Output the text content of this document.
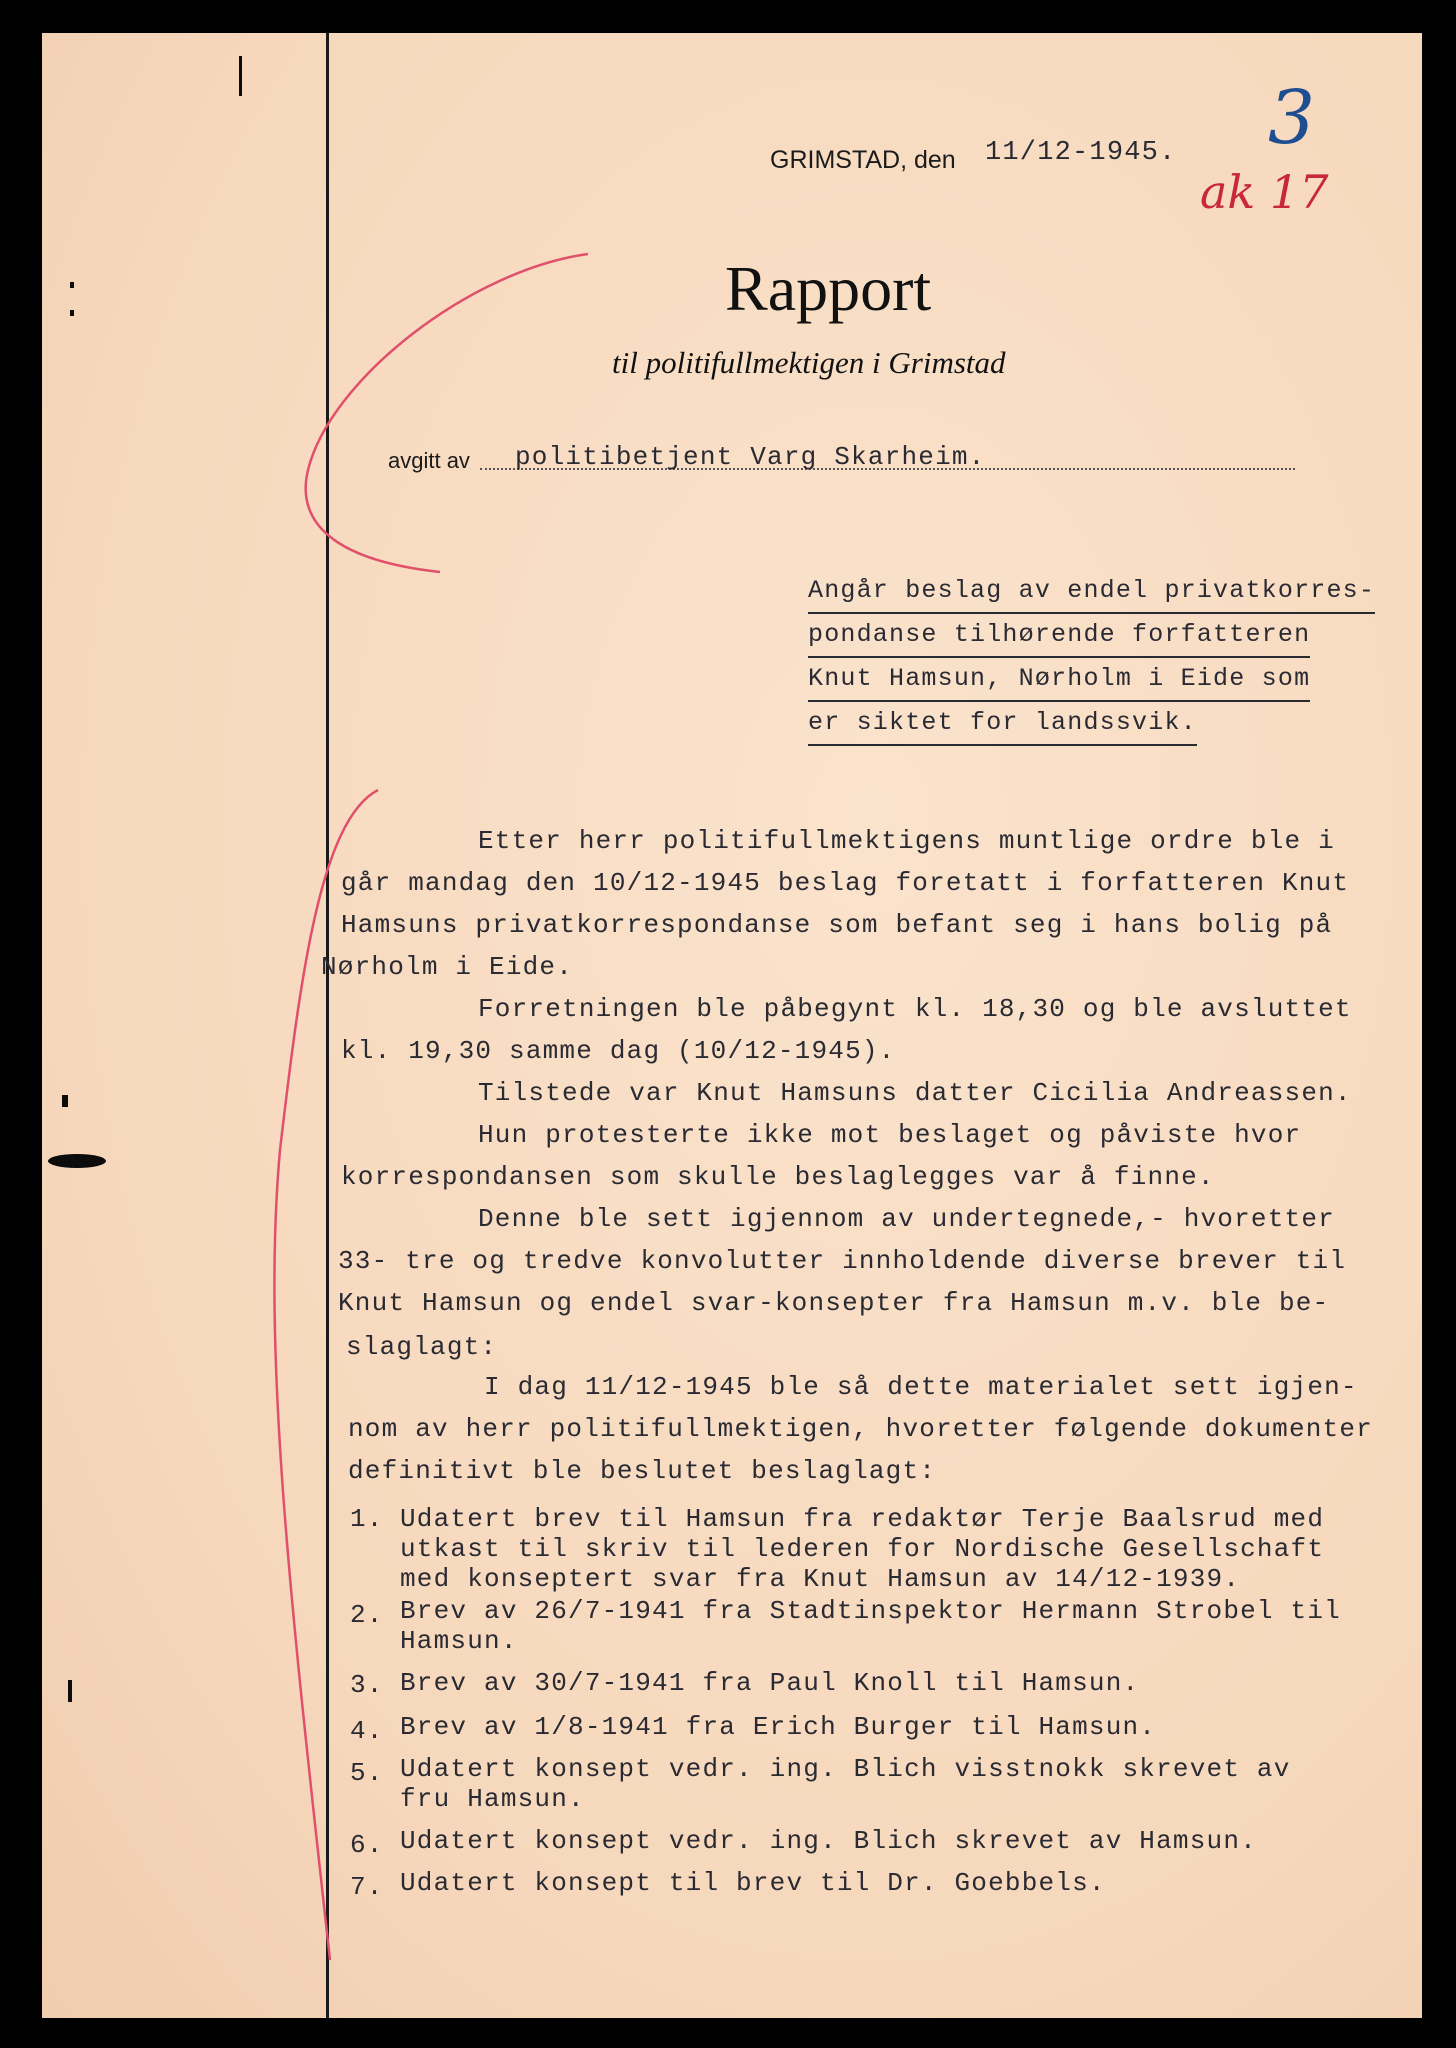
3
ak 17
GRIMSTAD, den 11/12-1945.
Rapport
til politifullmektigen i Grimstad
avgitt av politibetjent Varg Skarheim.
Angår beslag av endel privatkorres-
pondanse tilhørende forfatteren
Knut Hamsun, Nørholm i Eide som
er siktet for landssvik.
Etter herr politifullmektigens muntlige ordre ble i
går mandag den 10/12-1945 beslag foretatt i forfatteren Knut
Hamsuns privatkorrespondanse som befant seg i hans bolig på
Nørholm i Eide.
Forretningen ble påbegynt kl. 18,30 og ble avsluttet
kl. 19,30 samme dag (10/12-1945).
Tilstede var Knut Hamsuns datter Cicilia Andreassen.
Hun protesterte ikke mot beslaget og påviste hvor
korrespondansen som skulle beslaglegges var å finne.
Denne ble sett igjennom av undertegnede,- hvoretter
33- tre og tredve konvolutter innholdende diverse brever til
Knut Hamsun og endel svar-konsepter fra Hamsun m.v. ble be-
slaglagt:
I dag 11/12-1945 ble så dette materialet sett igjen-
nom av herr politifullmektigen, hvoretter følgende dokumenter
definitivt ble beslutet beslaglagt:
1. Udatert brev til Hamsun fra redaktør Terje Baalsrud med
utkast til skriv til lederen for Nordische Gesellschaft
med konseptert svar fra Knut Hamsun av 14/12-1939.
2. Brev av 26/7-1941 fra Stadtinspektor Hermann Strobel til
Hamsun.
3. Brev av 30/7-1941 fra Paul Knoll til Hamsun.
4. Brev av 1/8-1941 fra Erich Burger til Hamsun.
5. Udatert konsept vedr. ing. Blich visstnokk skrevet av
fru Hamsun.
6. Udatert konsept vedr. ing. Blich skrevet av Hamsun.
7. Udatert konsept til brev til Dr. Goebbels.
